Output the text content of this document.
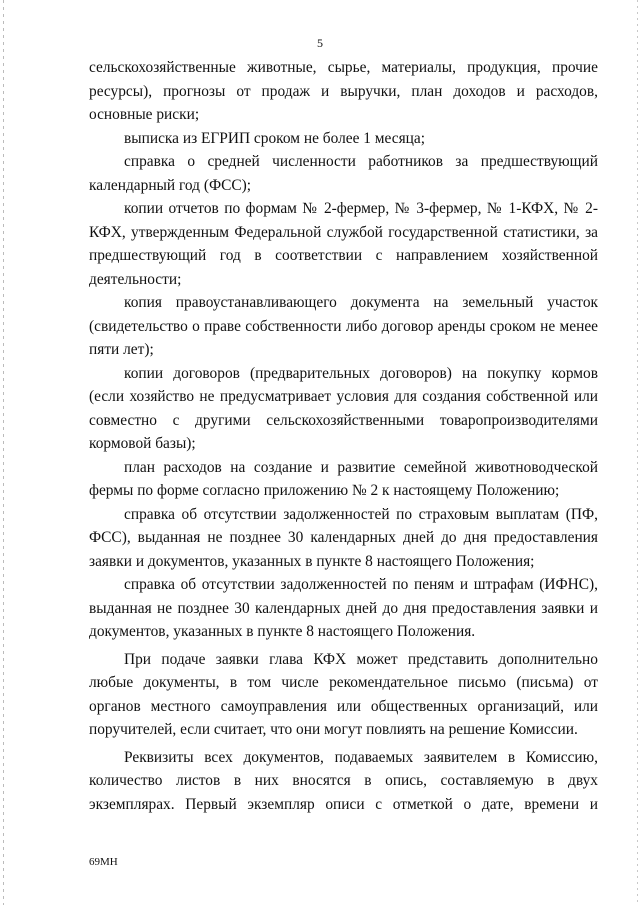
5

сельскохозяйственные животные, сырье, материалы, продукция, прочие ресурсы), прогнозы от продаж и выручки, план доходов и расходов, основные риски;

выписка из ЕГРИП сроком не более 1 месяца;

справка о средней численности работников за предшествующий календарный год (ФСС);

копии отчетов по формам № 2-фермер, № 3-фермер, № 1-КФХ, № 2-КФХ, утвержденным Федеральной службой государственной статистики, за предшествующий год в соответствии с направлением хозяйственной деятельности;

копия правоустанавливающего документа на земельный участок (свидетельство о праве собственности либо договор аренды сроком не менее пяти лет);

копии договоров (предварительных договоров) на покупку кормов (если хозяйство не предусматривает условия для создания собственной или совместно с другими сельскохозяйственными товаропроизводителями кормовой базы);

план расходов на создание и развитие семейной животноводческой фермы по форме согласно приложению № 2 к настоящему Положению;

справка об отсутствии задолженностей по страховым выплатам (ПФ, ФСС), выданная не позднее 30 календарных дней до дня предоставления заявки и документов, указанных в пункте 8 настоящего Положения;

справка об отсутствии задолженностей по пеням и штрафам (ИФНС), выданная не позднее 30 календарных дней до дня предоставления заявки и документов, указанных в пункте 8 настоящего Положения.

При подаче заявки глава КФХ может представить дополнительно любые документы, в том числе рекомендательное письмо (письма) от органов местного самоуправления или общественных организаций, или поручителей, если считает, что они могут повлиять на решение Комиссии.

Реквизиты всех документов, подаваемых заявителем в Комиссию, количество листов в них вносятся в опись, составляемую в двух экземплярах. Первый экземпляр описи с отметкой о дате, времени и

69МН
